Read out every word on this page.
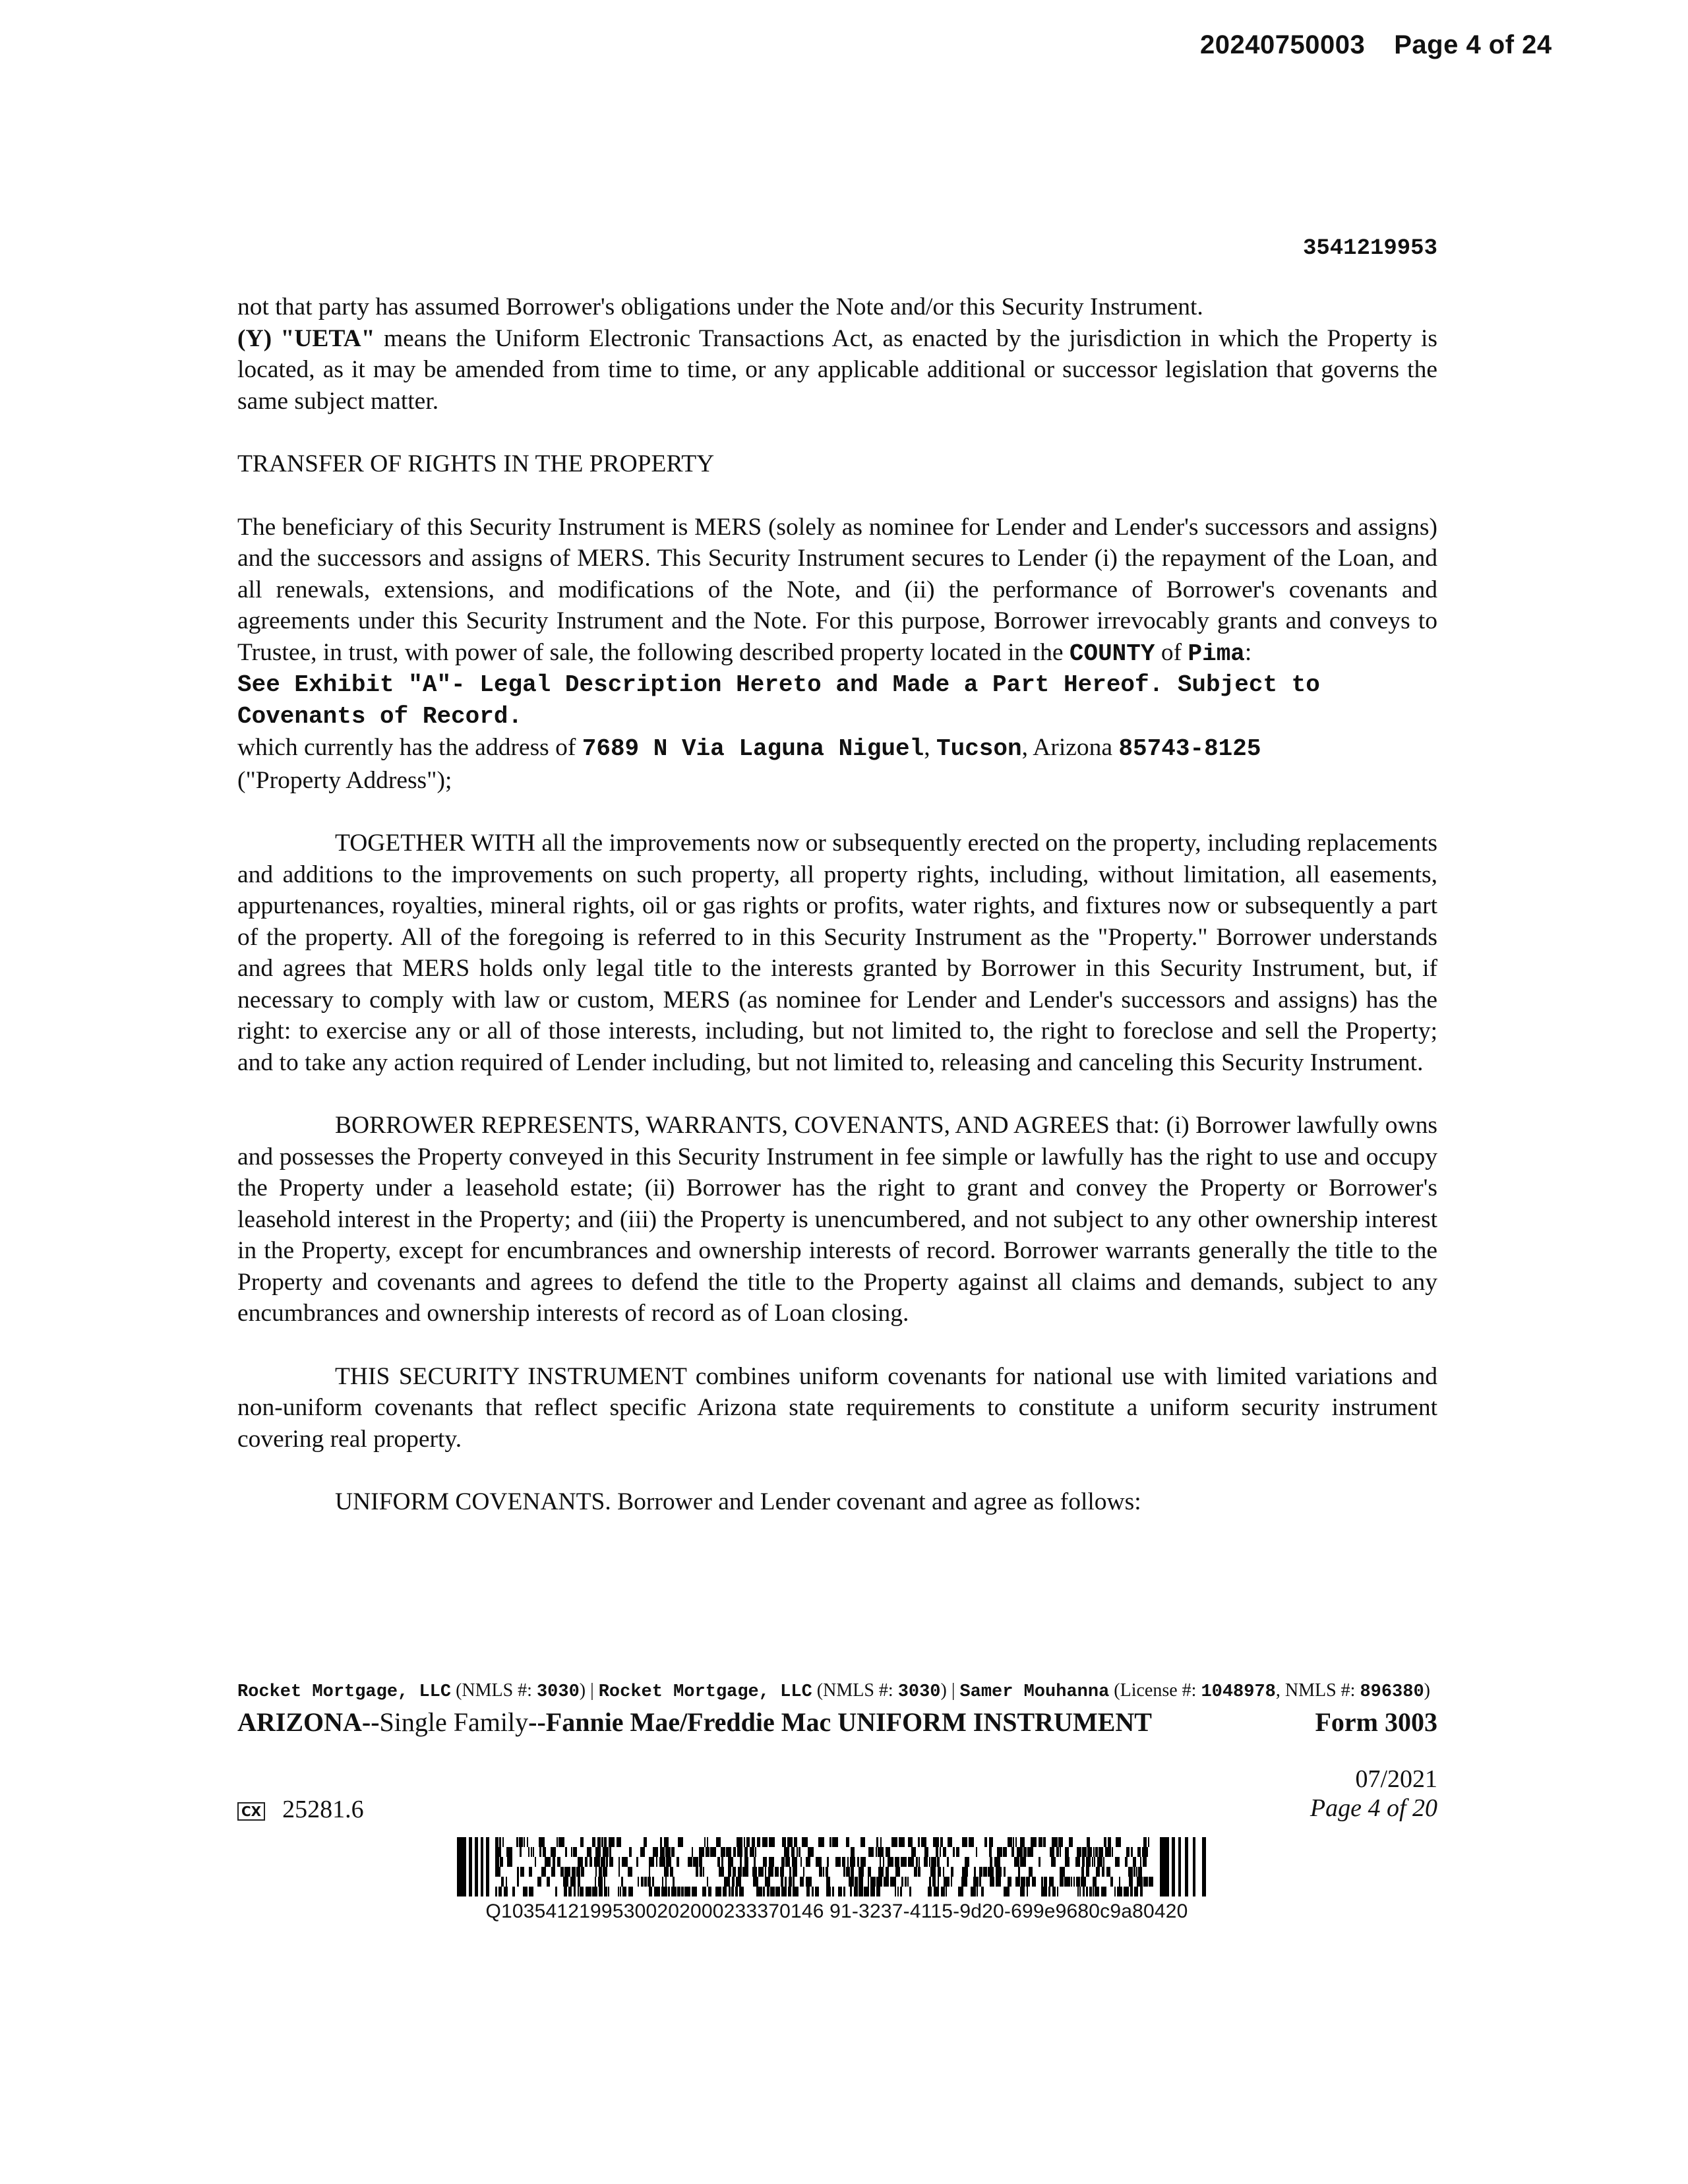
20240750003 Page 4 of 24
3541219953

not that party has assumed Borrower's obligations under the Note and/or this Security Instrument.

(Y) "UETA" means the Uniform Electronic Transactions Act, as enacted by the jurisdiction in which the Property is located, as it may be amended from time to time, or any applicable additional or successor legislation that governs the same subject matter.

TRANSFER OF RIGHTS IN THE PROPERTY

The beneficiary of this Security Instrument is MERS (solely as nominee for Lender and Lender's successors and assigns) and the successors and assigns of MERS. This Security Instrument secures to Lender (i) the repayment of the Loan, and all renewals, extensions, and modifications of the Note, and (ii) the performance of Borrower's covenants and agreements under this Security Instrument and the Note. For this purpose, Borrower irrevocably grants and conveys to Trustee, in trust, with power of sale, the following described property located in the COUNTY of Pima:

See Exhibit "A"- Legal Description Hereto and Made a Part Hereof. Subject to Covenants of Record.

which currently has the address of 7689 N Via Laguna Niguel, Tucson, Arizona 85743-8125

("Property Address");

TOGETHER WITH all the improvements now or subsequently erected on the property, including replacements and additions to the improvements on such property, all property rights, including, without limitation, all easements, appurtenances, royalties, mineral rights, oil or gas rights or profits, water rights, and fixtures now or subsequently a part of the property. All of the foregoing is referred to in this Security Instrument as the "Property." Borrower understands and agrees that MERS holds only legal title to the interests granted by Borrower in this Security Instrument, but, if necessary to comply with law or custom, MERS (as nominee for Lender and Lender's successors and assigns) has the right: to exercise any or all of those interests, including, but not limited to, the right to foreclose and sell the Property; and to take any action required of Lender including, but not limited to, releasing and canceling this Security Instrument.

BORROWER REPRESENTS, WARRANTS, COVENANTS, AND AGREES that: (i) Borrower lawfully owns and possesses the Property conveyed in this Security Instrument in fee simple or lawfully has the right to use and occupy the Property under a leasehold estate; (ii) Borrower has the right to grant and convey the Property or Borrower's leasehold interest in the Property; and (iii) the Property is unencumbered, and not subject to any other ownership interest in the Property, except for encumbrances and ownership interests of record. Borrower warrants generally the title to the Property and covenants and agrees to defend the title to the Property against all claims and demands, subject to any encumbrances and ownership interests of record as of Loan closing.

THIS SECURITY INSTRUMENT combines uniform covenants for national use with limited variations and non-uniform covenants that reflect specific Arizona state requirements to constitute a uniform security instrument covering real property.

UNIFORM COVENANTS. Borrower and Lender covenant and agree as follows:

Rocket Mortgage, LLC (NMLS #: 3030) | Rocket Mortgage, LLC (NMLS #: 3030) | Samer Mouhanna (License #: 1048978, NMLS #: 896380)
ARIZONA--Single Family--Fannie Mae/Freddie Mac UNIFORM INSTRUMENT	Form 3003
07/2021
Page 4 of 20
CX 25281.6
Q10354121995300202000233370146 91-3237-4115-9d20-699e9680c9a80420
